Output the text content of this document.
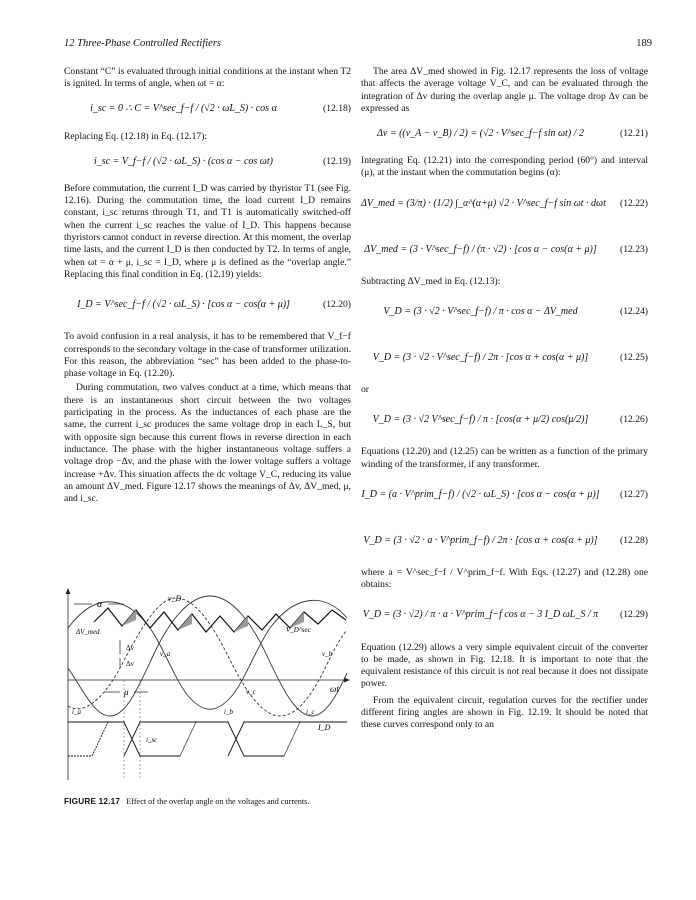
12 Three-Phase Controlled Rectifiers	189

Constant “C” is evaluated through initial conditions at the instant when T2 is ignited. In terms of angle, when ωt = α:

i_sc = 0 ∴ C = V^sec_f−f / (√2 · ωL_S) · cos α	(12.18)

Replacing Eq. (12.18) in Eq. (12.17):

i_sc = V_f−f / (√2 · ωL_S) · (cos α − cos ωt)	(12.19)

Before commutation, the current I_D was carried by thyristor T1 (see Fig. 12.16). During the commutation time, the load current I_D remains constant, i_sc returns through T1, and T1 is automatically switched-off when the current i_sc reaches the value of I_D. This happens because thyristors cannot conduct in reverse direction. At this moment, the overlap time lasts, and the current I_D is then conducted by T2. In terms of angle, when ωt = α + μ, i_sc = I_D, where μ is defined as the “overlap angle.” Replacing this final condition in Eq. (12.19) yields:

I_D = V^sec_f−f / (√2 · ωL_S) · [cos α − cos(α + μ)]	(12.20)

To avoid confusion in a real analysis, it has to be remembered that V_f−f corresponds to the secondary voltage in the case of transformer utilization. For this reason, the abbreviation “sec” has been added to the phase-to-phase voltage in Eq. (12.20).

During commutation, two valves conduct at a time, which means that there is an instantaneous short circuit between the two voltages participating in the process. As the inductances of each phase are the same, the current i_sc produces the same voltage drop in each L_S, but with opposite sign because this current flows in reverse direction in each inductance. The phase with the higher instantaneous voltage suffers a voltage drop −Δv, and the phase with the lower voltage suffers a voltage increase +Δv. This situation affects the dc voltage V_C, reducing its value an amount ΔV_med. Figure 12.17 shows the meanings of Δv, ΔV_med, μ, and i_sc.

α
v_D
ΔV_med	V_D^sec
Δv
v_a	v_b
Δv
μ	v_c	ωt
i_a	i_b	i_c
I_D
i_sc
FIGURE 12.17 Effect of the overlap angle on the voltages and currents.

The area ΔV_med showed in Fig. 12.17 represents the loss of voltage that affects the average voltage V_C, and can be evaluated through the integration of Δv during the overlap angle μ. The voltage drop Δv can be expressed as

Δv = ((v_A − v_B) / 2) = (√2 · V^sec_f−f sin ωt) / 2	(12.21)

Integrating Eq. (12.21) into the corresponding period (60°) and interval (μ), at the instant when the commutation begins (α):

ΔV_med = (3/π) · (1/2) ∫_α^(α+μ) √2 · V^sec_f−f sin ωt · dωt	(12.22)
ΔV_med = (3 · V^sec_f−f) / (π · √2) · [cos α − cos(α + μ)]	(12.23)

Subtracting ΔV_med in Eq. (12.13):

V_D = (3 · √2 · V^sec_f−f) / π · cos α − ΔV_med	(12.24)
V_D = (3 · √2 · V^sec_f−f) / 2π · [cos α + cos(α + μ)]	(12.25)

or

V_D = (3 · √2 V^sec_f−f) / π · [cos(α + μ/2) cos(μ/2)]	(12.26)

Equations (12.20) and (12.25) can be written as a function of the primary winding of the transformer, if any transformer.

I_D = (a · V^prim_f−f) / (√2 · ωL_S) · [cos α − cos(α + μ)]	(12.27)
V_D = (3 · √2 · a · V^prim_f−f) / 2π · [cos α + cos(α + μ)]	(12.28)

where a = V^sec_f−f / V^prim_f−f. With Eqs. (12.27) and (12.28) one obtains:

V_D = (3 · √2) / π · a · V^prim_f−f cos α − 3 I_D ωL_S / π	(12.29)

Equation (12.29) allows a very simple equivalent circuit of the converter to be made, as shown in Fig. 12.18. It is important to note that the equivalent resistance of this circuit is not real because it does not dissipate power.

From the equivalent circuit, regulation curves for the rectifier under different firing angles are shown in Fig. 12.19. It should be noted that these curves correspond only to an
